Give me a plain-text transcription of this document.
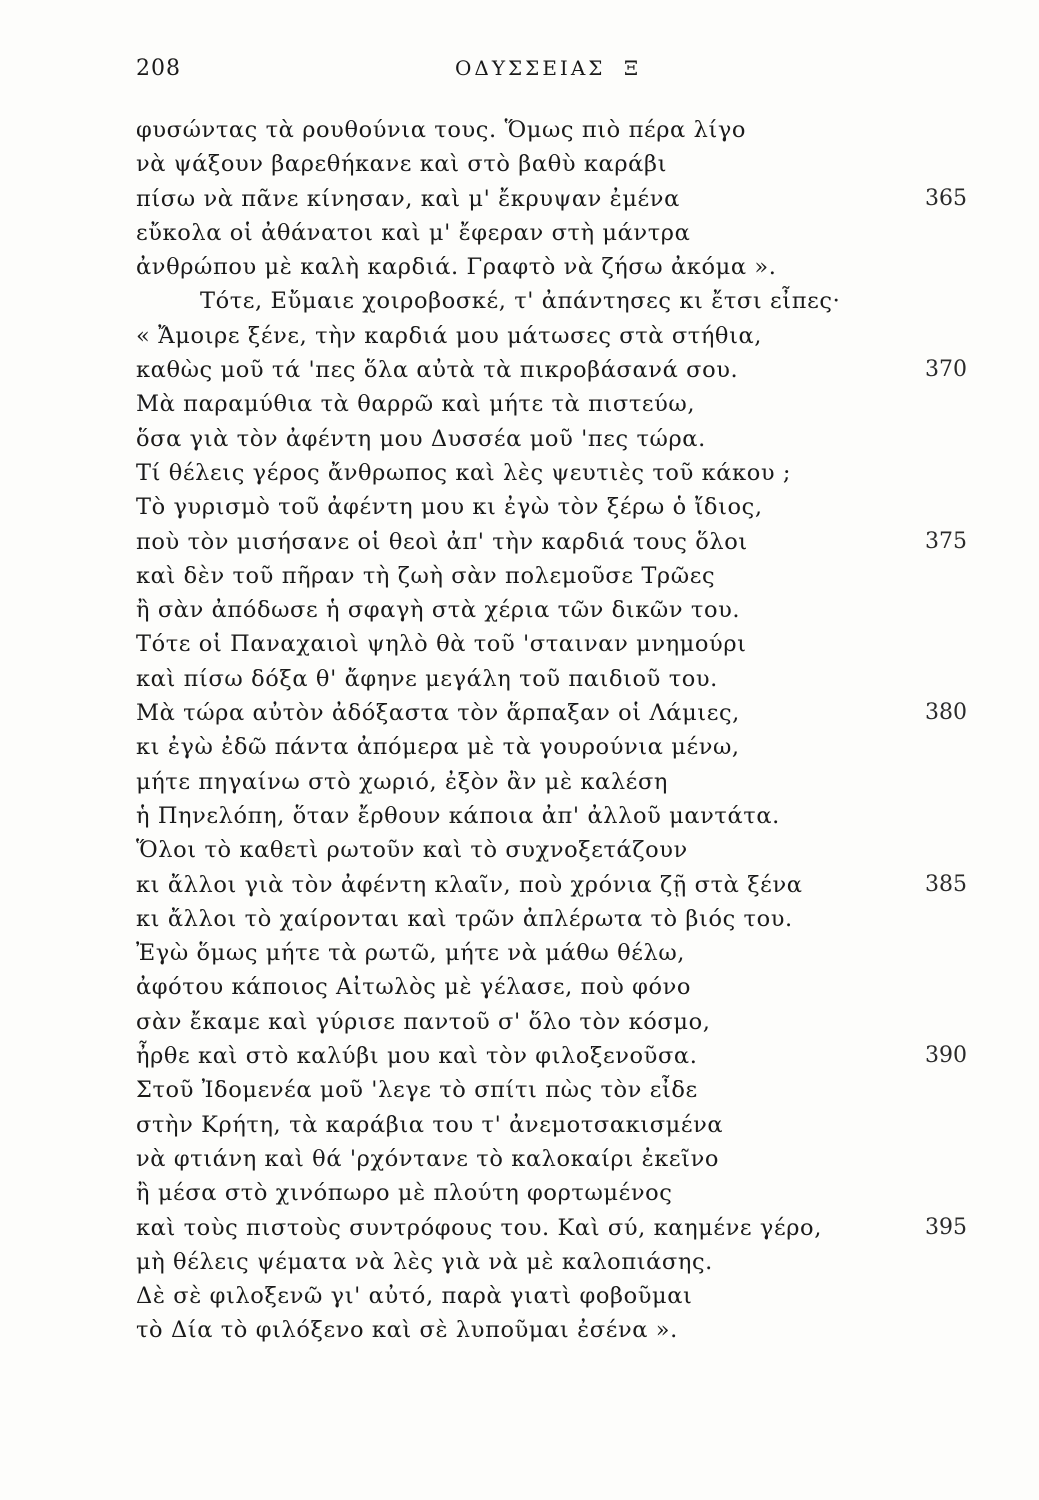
208	ΟΔΥΣΣΕΙΑΣ Ξ
φυσώντας τὰ ρουθούνια τους. Ὅμως πιὸ πέρα λίγο
νὰ ψάξουν βαρεθήκανε καὶ στὸ βαθὺ καράβι
πίσω νὰ πᾶνε κίνησαν, καὶ μ' ἔκρυψαν ἐμένα	365
εὔκολα οἱ ἀθάνατοι καὶ μ' ἔφεραν στὴ μάντρα
ἀνθρώπου μὲ καλὴ καρδιά. Γραφτὸ νὰ ζήσω ἀκόμα ».
Τότε, Εὔμαιε χοιροβοσκέ, τ' ἀπάντησες κι ἔτσι εἶπες·
« Ἄμοιρε ξένε, τὴν καρδιά μου μάτωσες στὰ στήθια,
καθὼς μοῦ τά 'πες ὅλα αὐτὰ τὰ πικροβάσανά σου.	370
Μὰ παραμύθια τὰ θαρρῶ καὶ μήτε τὰ πιστεύω,
ὅσα γιὰ τὸν ἀφέντη μου Δυσσέα μοῦ 'πες τώρα.
Τί θέλεις γέρος ἄνθρωπος καὶ λὲς ψευτιὲς τοῦ κάκου ;
Τὸ γυρισμὸ τοῦ ἀφέντη μου κι ἐγὼ τὸν ξέρω ὁ ἴδιος,
ποὺ τὸν μισήσανε οἱ θεοὶ ἀπ' τὴν καρδιά τους ὅλοι	375
καὶ δὲν τοῦ πῆραν τὴ ζωὴ σὰν πολεμοῦσε Τρῶες
ἢ σὰν ἀπόδωσε ἡ σφαγὴ στὰ χέρια τῶν δικῶν του.
Τότε οἱ Παναχαιοὶ ψηλὸ θὰ τοῦ 'σταιναν μνημούρι
καὶ πίσω δόξα θ' ἄφηνε μεγάλη τοῦ παιδιοῦ του.
Μὰ τώρα αὐτὸν ἀδόξαστα τὸν ἅρπαξαν οἱ Λάμιες,	380
κι ἐγὼ ἐδῶ πάντα ἀπόμερα μὲ τὰ γουρούνια μένω,
μήτε πηγαίνω στὸ χωριό, ἐξὸν ἂν μὲ καλέση
ἡ Πηνελόπη, ὅταν ἔρθουν κάποια ἀπ' ἀλλοῦ μαντάτα.
Ὅλοι τὸ καθετὶ ρωτοῦν καὶ τὸ συχνοξετάζουν
κι ἄλλοι γιὰ τὸν ἀφέντη κλαῖν, ποὺ χρόνια ζῇ στὰ ξένα	385
κι ἄλλοι τὸ χαίρονται καὶ τρῶν ἀπλέρωτα τὸ βιός του.
Ἐγὼ ὅμως μήτε τὰ ρωτῶ, μήτε νὰ μάθω θέλω,
ἀφότου κάποιος Αἰτωλὸς μὲ γέλασε, ποὺ φόνο
σὰν ἔκαμε καὶ γύρισε παντοῦ σ' ὅλο τὸν κόσμο,
ἦρθε καὶ στὸ καλύβι μου καὶ τὸν φιλοξενοῦσα.	390
Στοῦ Ἰδομενέα μοῦ 'λεγε τὸ σπίτι πὼς τὸν εἶδε
στὴν Κρήτη, τὰ καράβια του τ' ἀνεμοτσακισμένα
νὰ φτιάνη καὶ θά 'ρχόντανε τὸ καλοκαίρι ἐκεῖνο
ἢ μέσα στὸ χινόπωρο μὲ πλούτη φορτωμένος
καὶ τοὺς πιστοὺς συντρόφους του. Καὶ σύ, καημένε γέρο,	395
μὴ θέλεις ψέματα νὰ λὲς γιὰ νὰ μὲ καλοπιάσης.
Δὲ σὲ φιλοξενῶ γι' αὐτό, παρὰ γιατὶ φοβοῦμαι
τὸ Δία τὸ φιλόξενο καὶ σὲ λυποῦμαι ἐσένα ».
